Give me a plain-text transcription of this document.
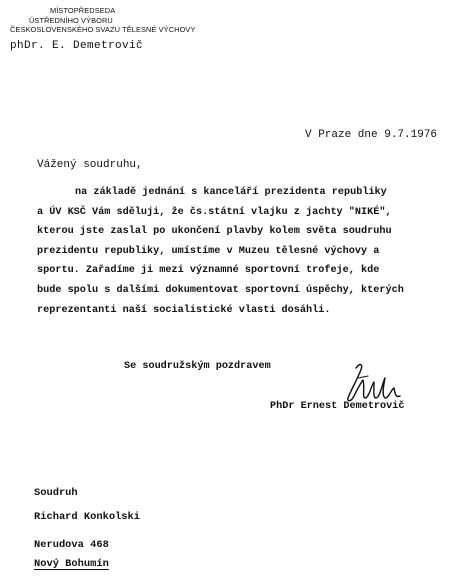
MÍSTOPŘEDSEDA
ÚSTŘEDNÍHO VÝBORU
ČESKOSLOVENSKÉHO SVAZU TĚLESNÉ VÝCHOVY
phDr. E. Demetrovič
V Praze dne 9.7.1976
Vážený soudruhu,
na základě jednání s kanceláří prezidenta republiky
a ÚV KSČ Vám sděluji, že čs.státní vlajku z jachty "NIKÉ",
kterou jste zaslal po ukončení plavby kolem světa soudruhu
prezidentu republiky, umístíme v Muzeu tělesné výchovy a
sportu. Zařadíme ji mezi významné sportovní trofeje, kde
bude spolu s dalšími dokumentovat sportovní úspěchy, kterých
reprezentanti naší socialistické vlasti dosáhli.
Se soudružským pozdravem
PhDr Ernest Demetrovič
Soudruh
Richard Konkolski
Nerudova 468
Nový Bohumín
